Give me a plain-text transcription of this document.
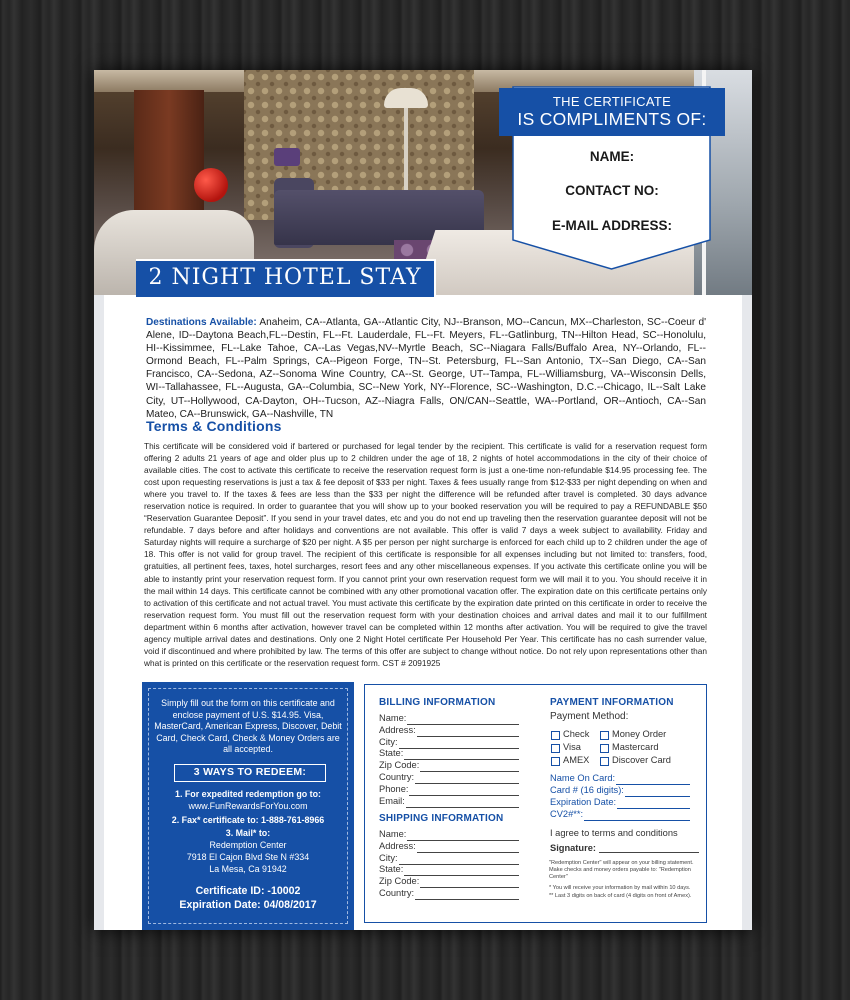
2 NIGHT HOTEL STAY
THE CERTIFICATE
IS COMPLIMENTS OF:
NAME:
CONTACT NO:
E-MAIL ADDRESS:
Destinations Available: Anaheim, CA--Atlanta, GA--Atlantic City, NJ--Branson, MO--Cancun, MX--Charleston, SC--Coeur d' Alene, ID--Daytona Beach,FL--Destin, FL--Ft. Lauderdale, FL--Ft. Meyers, FL--Gatlinburg, TN--Hilton Head, SC--Honolulu, HI--Kissimmee, FL--Lake Tahoe, CA--Las Vegas,NV--Myrtle Beach, SC--Niagara Falls/Buffalo Area, NY--Orlando, FL--Ormond Beach, FL--Palm Springs, CA--Pigeon Forge, TN--St. Petersburg, FL--San Antonio, TX--San Diego, CA--San Francisco, CA--Sedona, AZ--Sonoma Wine Country, CA--St. George, UT--Tampa, FL--Williamsburg, VA--Wisconsin Dells, WI--Tallahassee, FL--Augusta, GA--Columbia, SC--New York, NY--Florence, SC--Washington, D.C.--Chicago, IL--Salt Lake City, UT--Hollywood, CA-Dayton, OH--Tucson, AZ--Niagra Falls, ON/CAN--Seattle, WA--Portland, OR--Antioch, CA--San Mateo, CA--Brunswick, GA--Nashville, TN
Terms & Conditions
This certificate will be considered void if bartered or purchased for legal tender by the recipient. This certificate is valid for a reservation request form offering 2 adults 21 years of age and older plus up to 2 children under the age of 18, 2 nights of hotel accommodations in the city of their choice of available cities. The cost to activate this certificate to receive the reservation request form is just a one-time non-refundable $14.95 processing fee. The cost upon requesting reservations is just a tax & fee deposit of $33 per night. Taxes & fees usually range from $12-$33 per night depending on when and where you travel to. If the taxes & fees are less than the $33 per night the difference will be refunded after travel is completed. 30 days advance reservation notice is required. In order to guarantee that you will show up to your booked reservation you will be required to pay a REFUNDABLE $50 “Reservation Guarantee Deposit”. If you send in your travel dates, etc and you do not end up traveling then the reservation guarantee deposit will not be refundable. 7 days before and after holidays and conventions are not available. This offer is valid 7 days a week subject to availability. Friday and Saturday nights will require a surcharge of $20 per night. A $5 per person per night surcharge is enforced for each child up to 2 children under the age of 18. This offer is not valid for group travel. The recipient of this certificate is responsible for all expenses including but not limited to: transfers, food, gratuities, all pertinent fees, taxes, hotel surcharges, resort fees and any other miscellaneous expenses. If you activate this certificate online you will be able to instantly print your reservation request form. If you cannot print your own reservation request form we will mail it to you. You should receive it in the mail within 14 days. This certificate cannot be combined with any other promotional vacation offer. The expiration date on this certificate pertains only to activation of this certificate and not actual travel. You must activate this certificate by the expiration date printed on this certificate in order to receive the reservation request form. You must fill out the reservation request form with your destination choices and arrival dates and mail it to our fulfillment department within 6 months after activation, however travel can be completed within 12 months after activation. You will be required to give the travel agency multiple arrival dates and destinations. Only one 2 Night Hotel certificate Per Household Per Year. This certificate has no cash surrender value, void if discontinued and where prohibited by law. The terms of this offer are subject to change without notice. Do not rely upon representations other than what is printed on this certificate or the reservation request form. CST # 2091925
Simply fill out the form on this certificate and enclose payment of U.S. $14.95. Visa, MasterCard, American Express, Discover, Debit Card, Check Card, Check & Money Orders are all accepted.
3 WAYS TO REDEEM:
1. For expedited redemption go to:
www.FunRewardsForYou.com
2. Fax* certificate to: 1-888-761-8966
3. Mail* to:
Redemption Center
7918 El Cajon Blvd Ste N #334
La Mesa, Ca 91942
Certificate ID: -10002
Expiration Date: 04/08/2017
BILLING INFORMATION
Name:
Address:
City:
State:
Zip Code:
Country:
Phone:
Email:
SHIPPING INFORMATION
Name:
Address:
City:
State:
Zip Code:
Country:
PAYMENT INFORMATION
Payment Method:
Check Money Order
Visa	Mastercard
AMEX Discover Card
Name On Card:
Card # (16 digits):
Expiration Date:
CV2#**:
I agree to terms and conditions
Signature:
"Redemption Center" will appear on your billing statement. Make checks and money orders payable to: "Redemption Center"
* You will receive your information by mail within 10 days.
** Last 3 digits on back of card (4 digits on front of Amex).
